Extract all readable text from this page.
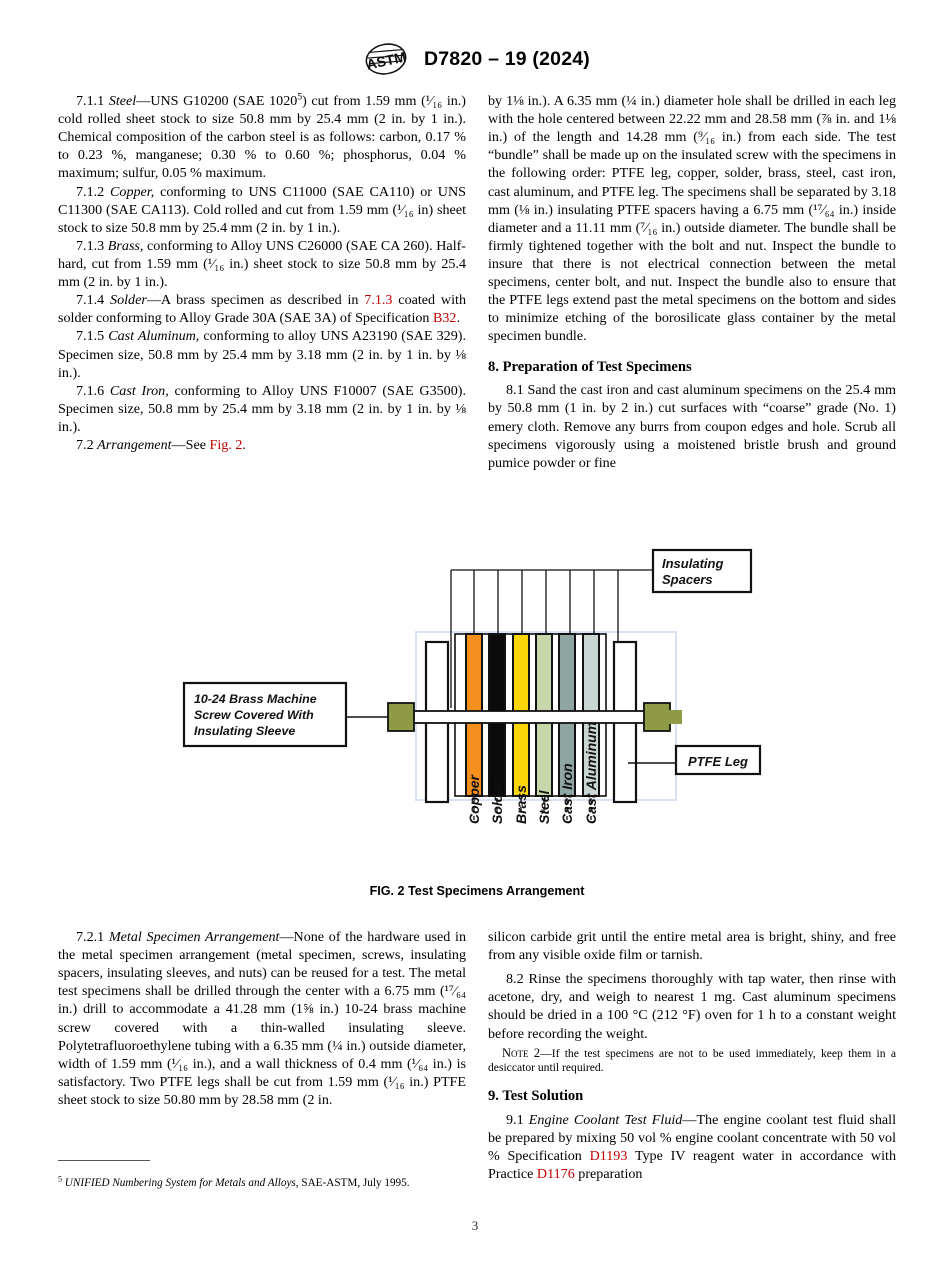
ASTM D7820 – 19 (2024)

7.1.1 Steel—UNS G10200 (SAE 1020$^5$) cut from 1.59 mm (¹⁄₁₆ in.) cold rolled sheet stock to size 50.8 mm by 25.4 mm (2 in. by 1 in.). Chemical composition of the carbon steel is as follows: carbon, 0.17 % to 0.23 %, manganese; 0.30 % to 0.60 %; phosphorus, 0.04 % maximum; sulfur, 0.05 % maximum.

7.1.2 Copper, conforming to UNS C11000 (SAE CA110) or UNS C11300 (SAE CA113). Cold rolled and cut from 1.59 mm (¹⁄₁₆ in) sheet stock to size 50.8 mm by 25.4 mm (2 in. by 1 in.).

7.1.3 Brass, conforming to Alloy UNS C26000 (SAE CA 260). Half-hard, cut from 1.59 mm (¹⁄₁₆ in.) sheet stock to size 50.8 mm by 25.4 mm (2 in. by 1 in.).

7.1.4 Solder—A brass specimen as described in 7.1.3 coated with solder conforming to Alloy Grade 30A (SAE 3A) of Specification B32.

7.1.5 Cast Aluminum, conforming to alloy UNS A23190 (SAE 329). Specimen size, 50.8 mm by 25.4 mm by 3.18 mm (2 in. by 1 in. by ⅛ in.).

7.1.6 Cast Iron, conforming to Alloy UNS F10007 (SAE G3500). Specimen size, 50.8 mm by 25.4 mm by 3.18 mm (2 in. by 1 in. by ⅛ in.).

7.2 Arrangement—See Fig. 2.

by 1⅛ in.). A 6.35 mm (¼ in.) diameter hole shall be drilled in each leg with the hole centered between 22.22 mm and 28.58 mm (⅞ in. and 1⅛ in.) of the length and 14.28 mm (⁹⁄₁₆ in.) from each side. The test “bundle” shall be made up on the insulated screw with the specimens in the following order: PTFE leg, copper, solder, brass, steel, cast iron, cast aluminum, and PTFE leg. The specimens shall be separated by 3.18 mm (⅛ in.) insulating PTFE spacers having a 6.75 mm (¹⁷⁄₆₄ in.) inside diameter and a 11.11 mm (⁷⁄₁₆ in.) outside diameter. The bundle shall be firmly tightened together with the bolt and nut. Inspect the bundle to insure that there is not electrical connection between the metal specimens, center bolt, and nut. Inspect the bundle also to ensure that the PTFE legs extend past the metal specimens on the bottom and sides to minimize etching of the borosilicate glass container by the metal specimen bundle.

8. Preparation of Test Specimens

8.1 Sand the cast iron and cast aluminum specimens on the 25.4 mm by 50.8 mm (1 in. by 2 in.) cut surfaces with “coarse” grade (No. 1) emery cloth. Remove any burrs from coupon edges and hole. Scrub all specimens vigorously using a moistened bristle brush and ground pumice powder or fine

Insulating
Spacers
10-24 Brass Machine
Screw Covered With
Insulating Sleeve
PTFE Leg
Copper Solder Brass Steel Cast Iron Cast Aluminum
FIG. 2 Test Specimens Arrangement

7.2.1 Metal Specimen Arrangement—None of the hardware used in the metal specimen arrangement (metal specimen, screws, insulating spacers, insulating sleeves, and nuts) can be reused for a test. The metal test specimens shall be drilled through the center with a 6.75 mm (¹⁷⁄₆₄ in.) drill to accommodate a 41.28 mm (1⅝ in.) 10-24 brass machine screw covered with a thin-walled insulating sleeve. Polytetrafluoroethylene tubing with a 6.35 mm (¼ in.) outside diameter, width of 1.59 mm (¹⁄₁₆ in.), and a wall thickness of 0.4 mm (¹⁄₆₄ in.) is satisfactory. Two PTFE legs shall be cut from 1.59 mm (¹⁄₁₆ in.) PTFE sheet stock to size 50.80 mm by 28.58 mm (2 in.

silicon carbide grit until the entire metal area is bright, shiny, and free from any visible oxide film or tarnish.

8.2 Rinse the specimens thoroughly with tap water, then rinse with acetone, dry, and weigh to nearest 1 mg. Cast aluminum specimens should be dried in a 100 °C (212 °F) oven for 1 h to a constant weight before recording the weight.

Note 2—If the test specimens are not to be used immediately, keep them in a desiccator until required.

9. Test Solution

9.1 Engine Coolant Test Fluid—The engine coolant test fluid shall be prepared by mixing 50 vol % engine coolant concentrate with 50 vol % Specification D1193 Type IV reagent water in accordance with Practice D1176 preparation

$^5$ UNIFIED Numbering System for Metals and Alloys, SAE-ASTM, July 1995.
3
